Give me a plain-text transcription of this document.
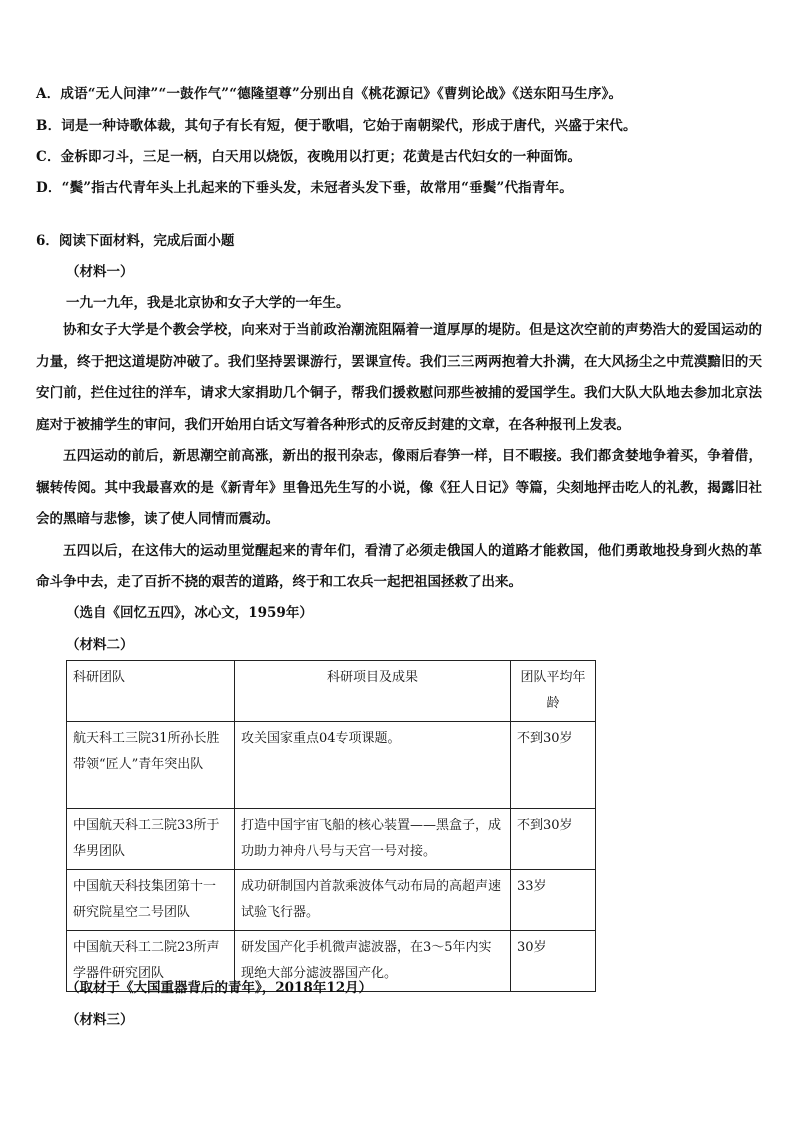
A．成语“无人问津”“一鼓作气”“德隆望尊”分别出自《桃花源记》《曹刿论战》《送东阳马生序》。
B．词是一种诗歌体裁，其句子有长有短，便于歌唱，它始于南朝梁代，形成于唐代，兴盛于宋代。
C．金柝即刁斗，三足一柄，白天用以烧饭，夜晚用以打更；花黄是古代妇女的一种面饰。
D．“鬓”指古代青年头上扎起来的下垂头发，未冠者头发下垂，故常用“垂鬓”代指青年。
6．阅读下面材料，完成后面小题
（材料一）
一九一九年，我是北京协和女子大学的一年生。

协和女子大学是个教会学校，向来对于当前政治潮流阻隔着一道厚厚的堤防。但是这次空前的声势浩大的爱国运动的力量，终于把这道堤防冲破了。我们坚持罢课游行，罢课宣传。我们三三两两抱着大扑满，在大风扬尘之中荒漠黯旧的天安门前，拦住过往的洋车，请求大家捐助几个铜子，帮我们援救慰问那些被捕的爱国学生。我们大队大队地去参加北京法庭对于被捕学生的审问，我们开始用白话文写着各种形式的反帝反封建的文章，在各种报刊上发表。

五四运动的前后，新思潮空前高涨，新出的报刊杂志，像雨后春笋一样，目不暇接。我们都贪婪地争着买，争着借，辗转传阅。其中我最喜欢的是《新青年》里鲁迅先生写的小说，像《狂人日记》等篇，尖刻地抨击吃人的礼教，揭露旧社会的黑暗与悲惨，读了使人同情而震动。

五四以后，在这伟大的运动里觉醒起来的青年们，看清了必须走俄国人的道路才能救国，他们勇敢地投身到火热的革命斗争中去，走了百折不挠的艰苦的道路，终于和工农兵一起把祖国拯救了出来。

（选自《回忆五四》，冰心文，1959年）
（材料二）
科研团队	科研项目及成果	团队平均年龄
航天科工三院31所孙长胜带领“匠人”青年突出队	攻关国家重点04专项课题。	不到30岁
中国航天科工三院33所于华男团队	打造中国宇宙飞船的核心装置——黑盒子，成功助力神舟八号与天宫一号对接。	不到30岁
中国航天科技集团第十一研究院星空二号团队	成功研制国内首款乘波体气动布局的高超声速试验飞行器。	33岁
中国航天科工二院23所声学器件研究团队	研发国产化手机微声滤波器，在3～5年内实现绝大部分滤波器国产化。	30岁
（取材于《大国重器背后的青年》，2018年12月）
（材料三）
